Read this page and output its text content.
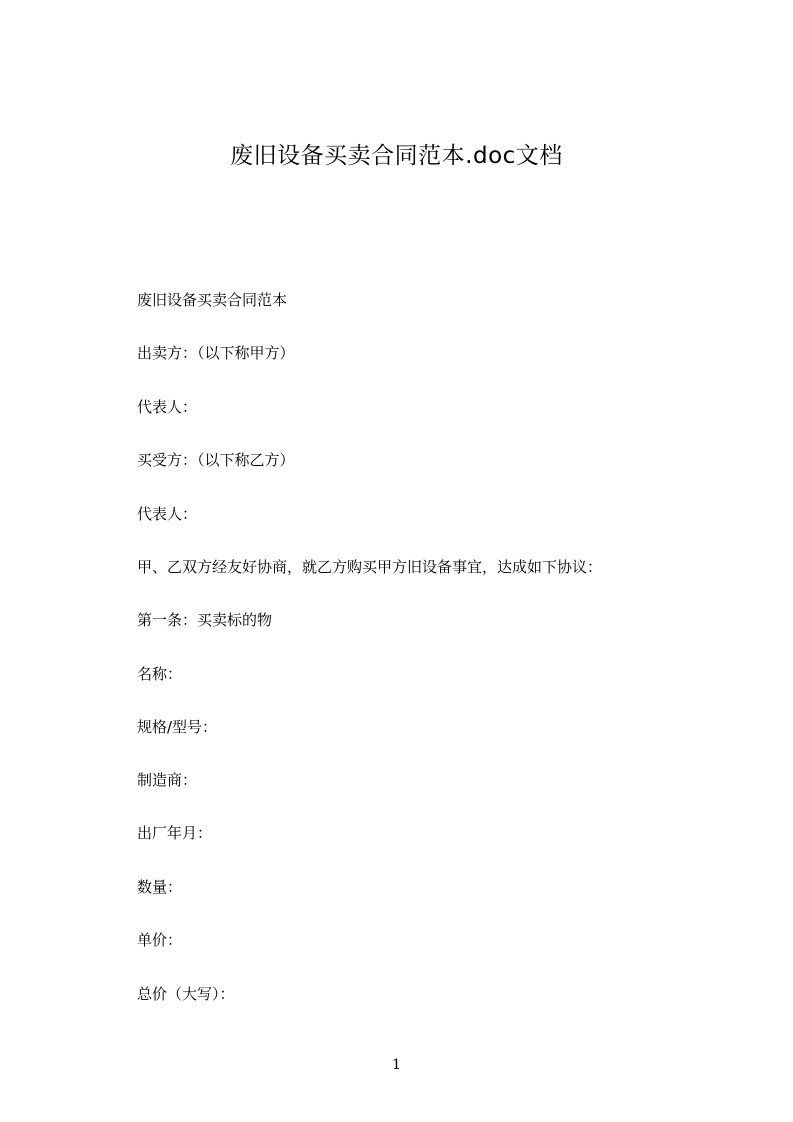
废旧设备买卖合同范本.doc文档
废旧设备买卖合同范本
出卖方：（以下称甲方）
代表人：
买受方：（以下称乙方）
代表人：
甲、乙双方经友好协商，就乙方购买甲方旧设备事宜，达成如下协议：
第一条：买卖标的物
名称：
规格/型号：
制造商：
出厂年月：
数量：
单价：
总价（大写）：
1
